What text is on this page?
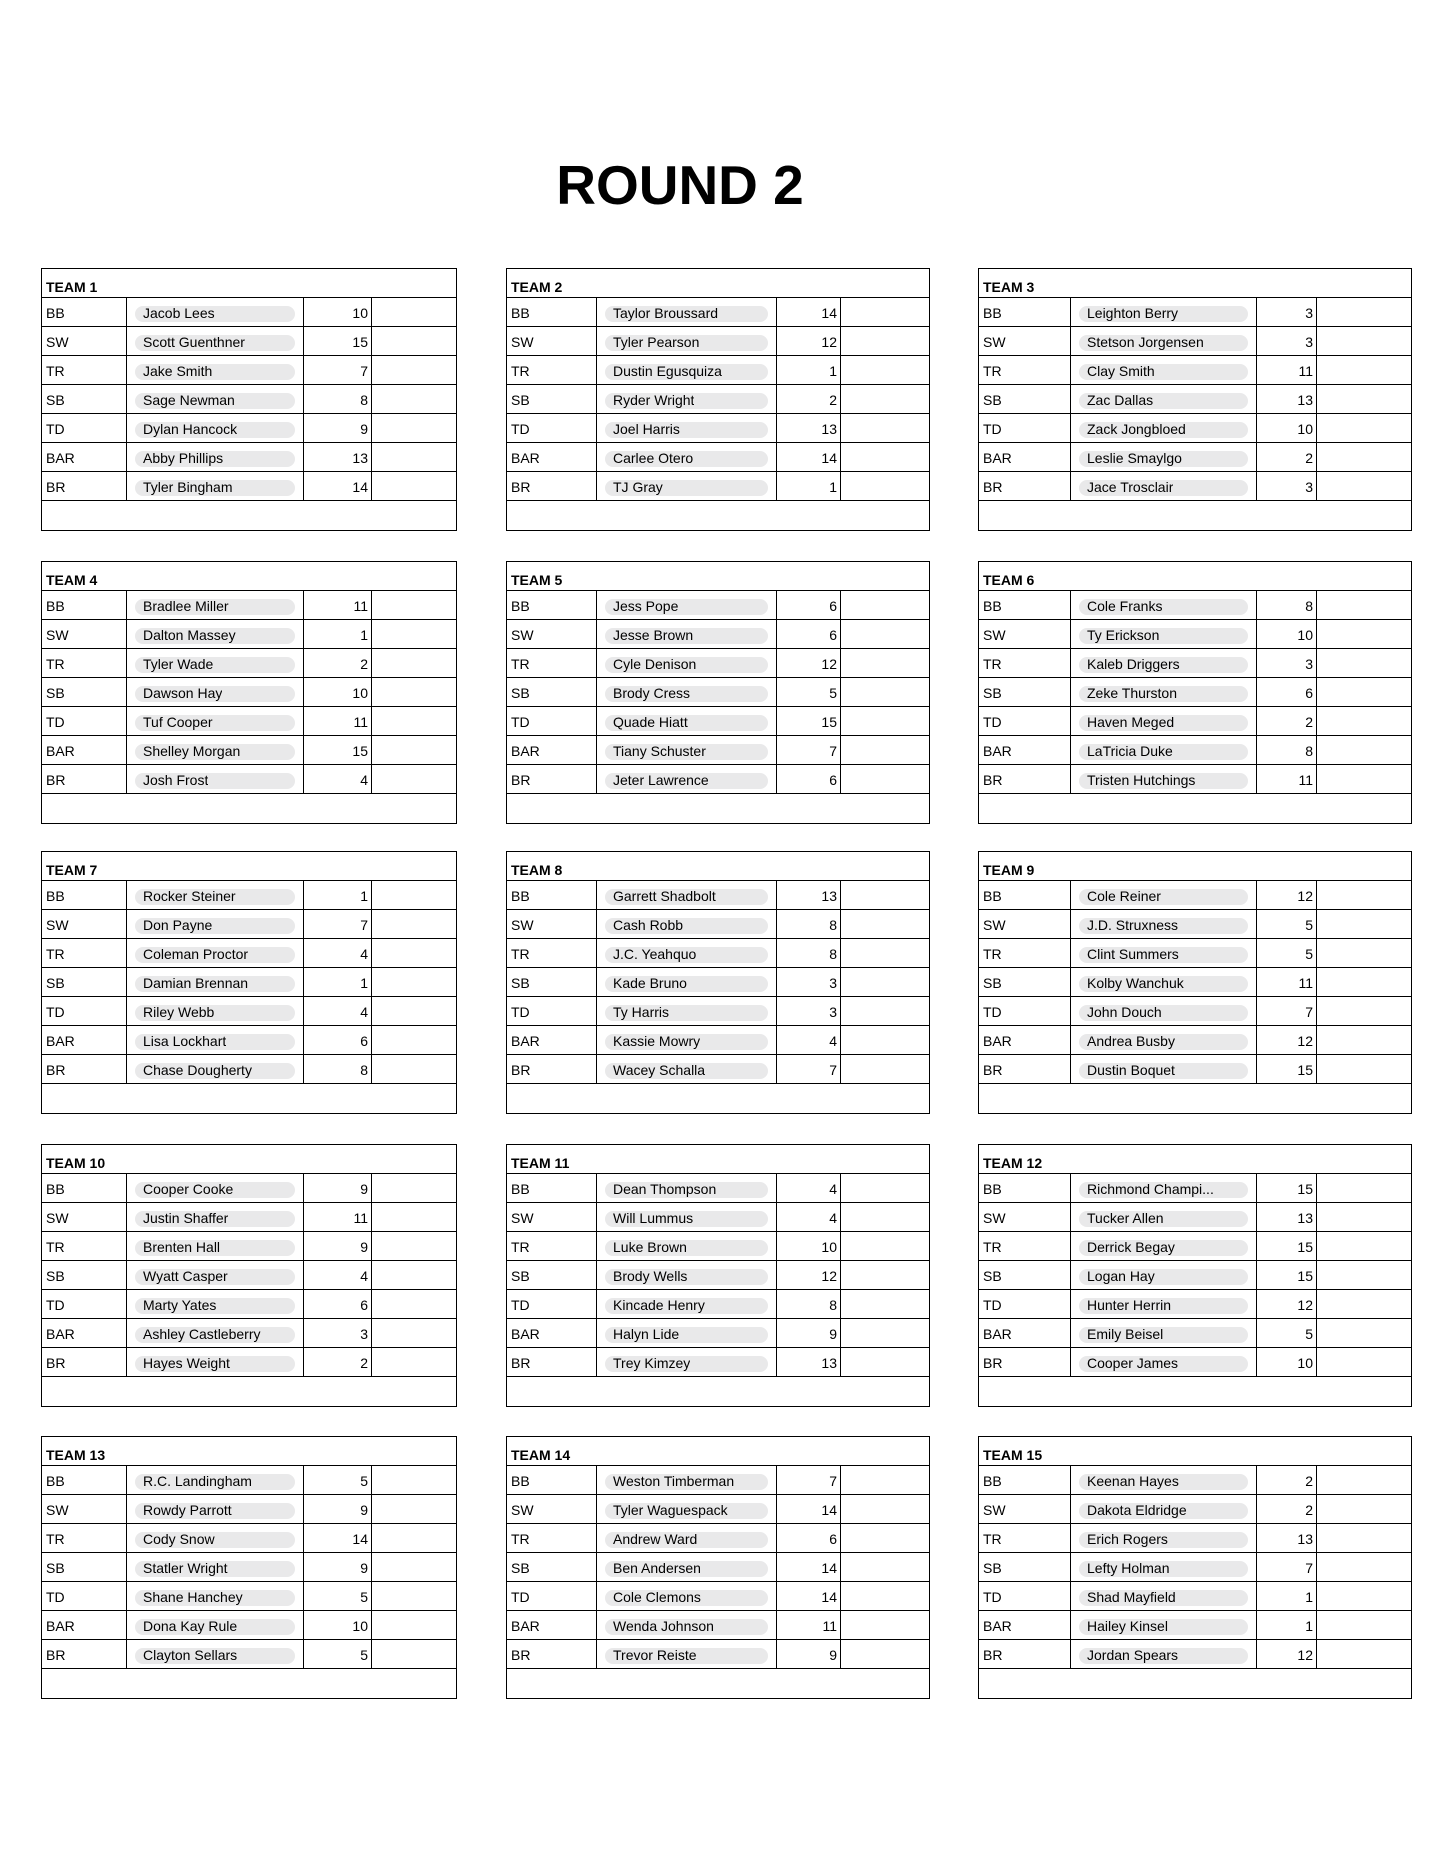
ROUND 2
TEAM 1
BB	Jacob Lees	10
SW	Scott Guenthner	15
TR	Jake Smith	7
SB	Sage Newman	8
TD	Dylan Hancock	9
BAR	Abby Phillips	13
BR	Tyler Bingham	14
TEAM 2
BB	Taylor Broussard	14
SW	Tyler Pearson	12
TR	Dustin Egusquiza	1
SB	Ryder Wright	2
TD	Joel Harris	13
BAR	Carlee Otero	14
BR	TJ Gray	1
TEAM 3
BB	Leighton Berry	3
SW	Stetson Jorgensen	3
TR	Clay Smith	11
SB	Zac Dallas	13
TD	Zack Jongbloed	10
BAR	Leslie Smaylgo	2
BR	Jace Trosclair	3
TEAM 4
BB	Bradlee Miller	11
SW	Dalton Massey	1
TR	Tyler Wade	2
SB	Dawson Hay	10
TD	Tuf Cooper	11
BAR	Shelley Morgan	15
BR	Josh Frost	4
TEAM 5
BB	Jess Pope	6
SW	Jesse Brown	6
TR	Cyle Denison	12
SB	Brody Cress	5
TD	Quade Hiatt	15
BAR	Tiany Schuster	7
BR	Jeter Lawrence	6
TEAM 6
BB	Cole Franks	8
SW	Ty Erickson	10
TR	Kaleb Driggers	3
SB	Zeke Thurston	6
TD	Haven Meged	2
BAR	LaTricia Duke	8
BR	Tristen Hutchings	11
TEAM 7
BB	Rocker Steiner	1
SW	Don Payne	7
TR	Coleman Proctor	4
SB	Damian Brennan	1
TD	Riley Webb	4
BAR	Lisa Lockhart	6
BR	Chase Dougherty	8
TEAM 8
BB	Garrett Shadbolt	13
SW	Cash Robb	8
TR	J.C. Yeahquo	8
SB	Kade Bruno	3
TD	Ty Harris	3
BAR	Kassie Mowry	4
BR	Wacey Schalla	7
TEAM 9
BB	Cole Reiner	12
SW	J.D. Struxness	5
TR	Clint Summers	5
SB	Kolby Wanchuk	11
TD	John Douch	7
BAR	Andrea Busby	12
BR	Dustin Boquet	15
TEAM 10
BB	Cooper Cooke	9
SW	Justin Shaffer	11
TR	Brenten Hall	9
SB	Wyatt Casper	4
TD	Marty Yates	6
BAR	Ashley Castleberry	3
BR	Hayes Weight	2
TEAM 11
BB	Dean Thompson	4
SW	Will Lummus	4
TR	Luke Brown	10
SB	Brody Wells	12
TD	Kincade Henry	8
BAR	Halyn Lide	9
BR	Trey Kimzey	13
TEAM 12
BB	Richmond Champi...	15
SW	Tucker Allen	13
TR	Derrick Begay	15
SB	Logan Hay	15
TD	Hunter Herrin	12
BAR	Emily Beisel	5
BR	Cooper James	10
TEAM 13
BB	R.C. Landingham	5
SW	Rowdy Parrott	9
TR	Cody Snow	14
SB	Statler Wright	9
TD	Shane Hanchey	5
BAR	Dona Kay Rule	10
BR	Clayton Sellars	5
TEAM 14
BB	Weston Timberman	7
SW	Tyler Waguespack	14
TR	Andrew Ward	6
SB	Ben Andersen	14
TD	Cole Clemons	14
BAR	Wenda Johnson	11
BR	Trevor Reiste	9
TEAM 15
BB	Keenan Hayes	2
SW	Dakota Eldridge	2
TR	Erich Rogers	13
SB	Lefty Holman	7
TD	Shad Mayfield	1
BAR	Hailey Kinsel	1
BR	Jordan Spears	12
